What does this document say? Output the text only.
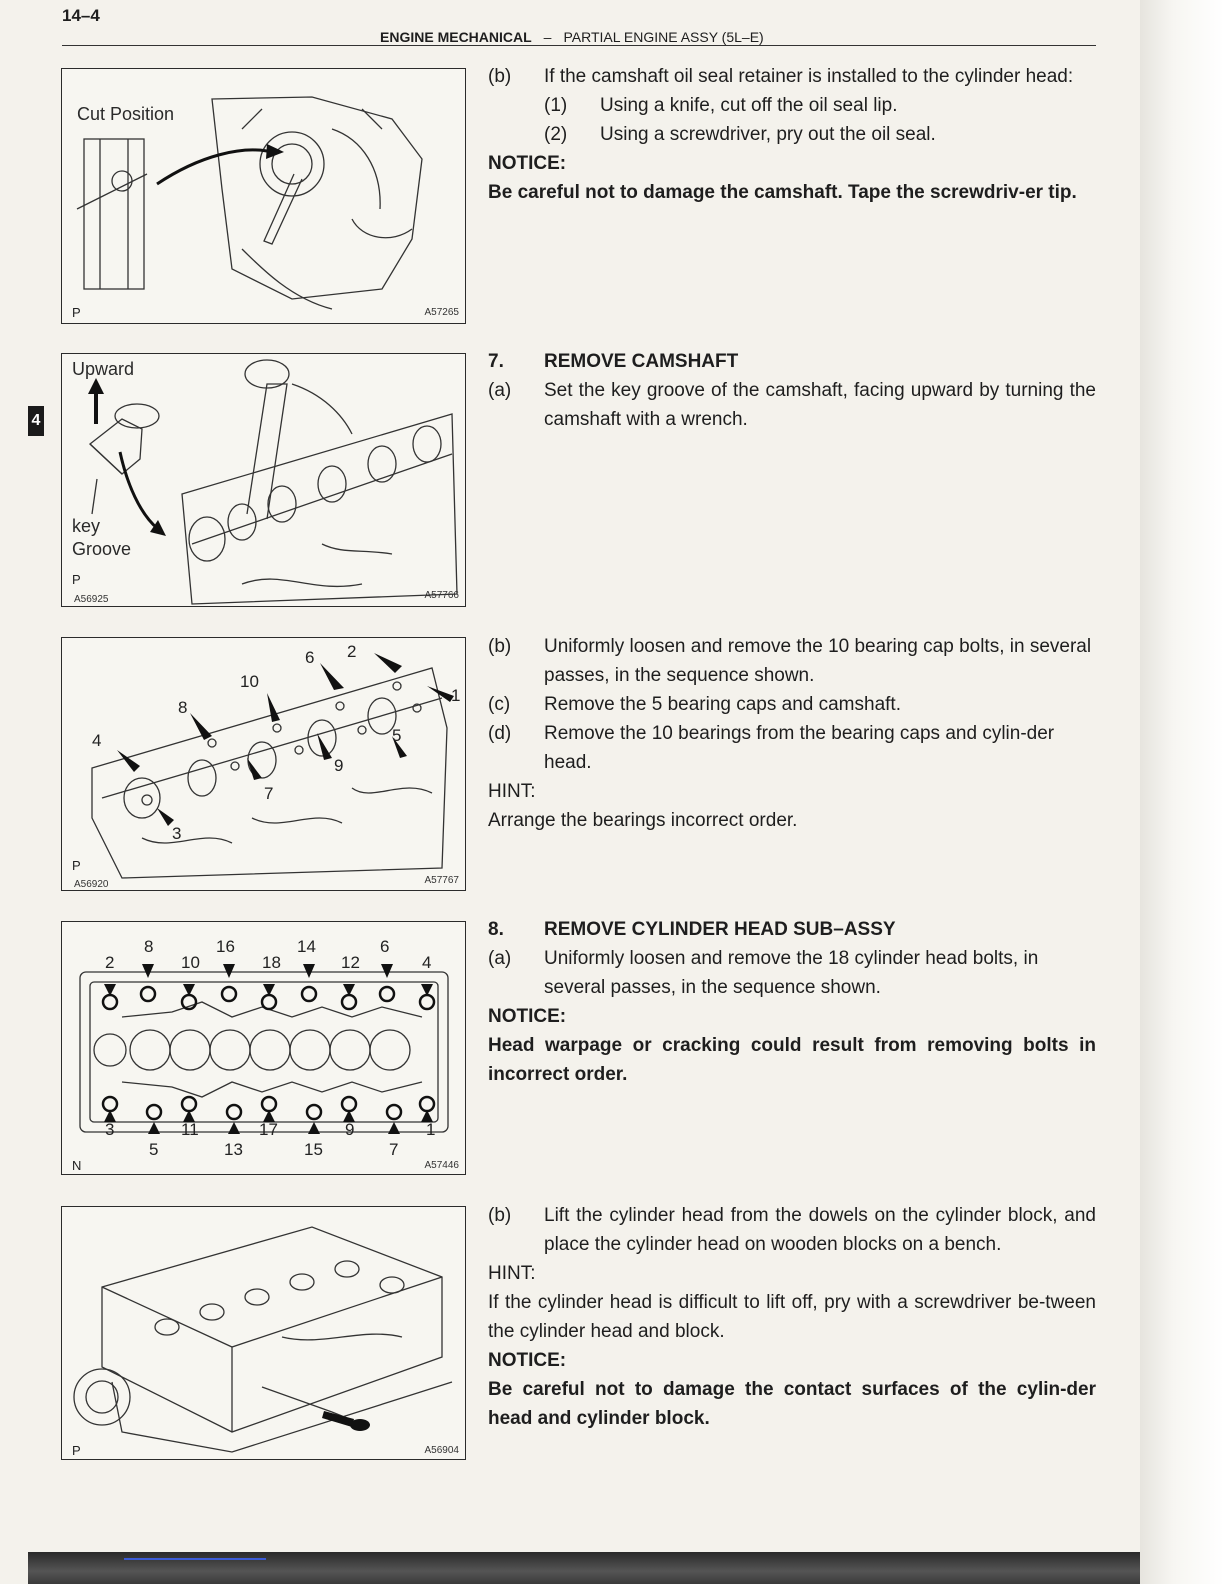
14–4
ENGINE MECHANICAL – PARTIAL ENGINE ASSY (5L–E)
4
Cut Position
P	A57265
Upward
key
Groove
P
A56925	A57766
6 2
10
1
8
5
4
9
7
3
P
A56920	A57767
8	16	14	6
2	10	18	12	4
3	11	17	9	1
5	13	15	7
N	A57446
P	A56904
(b)	If the camshaft oil seal retainer is installed to the cylinder head:
(1)	Using a knife, cut off the oil seal lip.
(2)	Using a screwdriver, pry out the oil seal.
NOTICE:
Be careful not to damage the camshaft. Tape the screwdriv-er tip.
7.	REMOVE CAMSHAFT
(a)	Set the key groove of the camshaft, facing upward by turning the camshaft with a wrench.
(b)	Uniformly loosen and remove the 10 bearing cap bolts, in several passes, in the sequence shown.
(c)	Remove the 5 bearing caps and camshaft.
(d)	Remove the 10 bearings from the bearing caps and cylin-der head.
HINT:
Arrange the bearings incorrect order.
8.	REMOVE CYLINDER HEAD SUB–ASSY
(a)	Uniformly loosen and remove the 18 cylinder head bolts, in several passes, in the sequence shown.
NOTICE:
Head warpage or cracking could result from removing bolts in incorrect order.
(b)	Lift the cylinder head from the dowels on the cylinder block, and place the cylinder head on wooden blocks on a bench.
HINT:
If the cylinder head is difficult to lift off, pry with a screwdriver be-tween the cylinder head and block.
NOTICE:
Be careful not to damage the contact surfaces of the cylin-der head and cylinder block.
